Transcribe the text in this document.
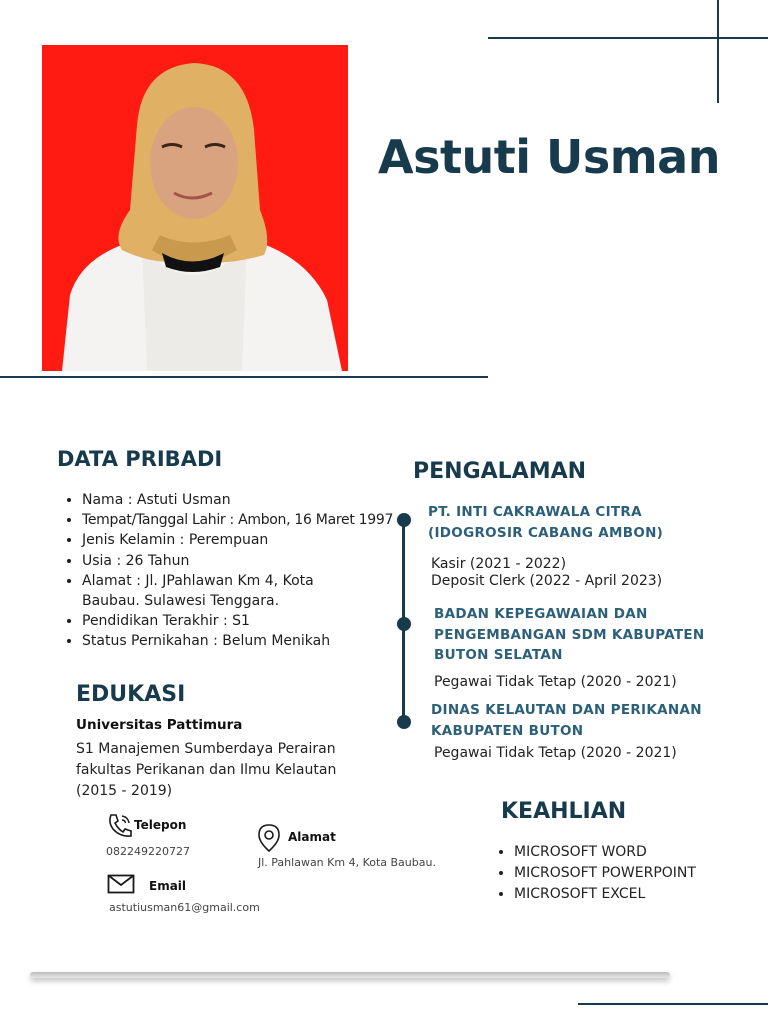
Astuti Usman
DATA PRIBADI
• Nama : Astuti Usman
• Tempat/Tanggal Lahir : Ambon, 16 Maret 1997
• Jenis Kelamin : Perempuan
• Usia : 26 Tahun
• Alamat : Jl. JPahlawan Km 4, Kota Baubau. Sulawesi Tenggara.
• Pendidikan Terakhir : S1
• Status Pernikahan : Belum Menikah
EDUKASI
Universitas Pattimura
S1 Manajemen Sumberdaya Perairan fakultas Perikanan dan Ilmu Kelautan (2015 - 2019)
PENGALAMAN
PT. INTI CAKRAWALA CITRA (IDOGROSIR CABANG AMBON)
Kasir (2021 - 2022)
Deposit Clerk (2022 - April 2023)
BADAN KEPEGAWAIAN DAN PENGEMBANGAN SDM KABUPATEN BUTON SELATAN
Pegawai Tidak Tetap (2020 - 2021)
DINAS KELAUTAN DAN PERIKANAN KABUPATEN BUTON
Pegawai Tidak Tetap (2020 - 2021)
KEAHLIAN
• MICROSOFT WORD
• MICROSOFT POWERPOINT
• MICROSOFT EXCEL
Telepon
082249220727
Email
astutiusman61@gmail.com
Alamat
Jl. Pahlawan Km 4, Kota Baubau.
